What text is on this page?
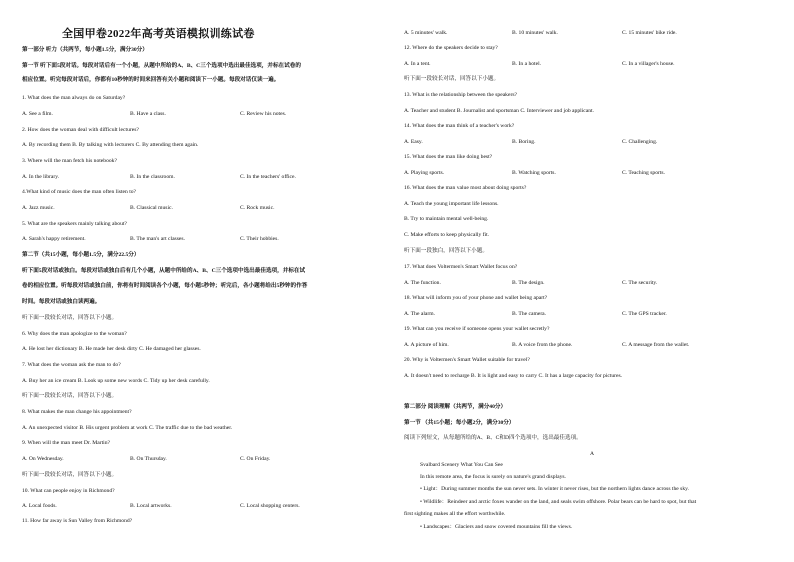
全国甲卷2022年高考英语模拟训练试卷
第一部分 听力（共两节，每小题1.5分，满分30分）
第一节 听下面5段对话。每段对话后有一个小题，从题中所给的A、B、C三个选项中选出最佳选项，并标在试卷的
相应位置。听完每段对话后，你都有10秒钟的时间来回答有关小题和阅读下一小题。每段对话仅读一遍。
1. What does the man always do on Saturday?
A. See a film.	B. Have a class.	C. Review his notes.
2. How does the woman deal with difficult lectures?
A. By recording them B. By talking with lecturers C. By attending them again.
3. Where will the man fetch his notebook?
A. In the library.	B. In the classroom.	C. In the teachers' office.
4.What kind of music does the man often listen to?
A. Jazz music.	B. Classical music.	C. Rock music.
5. What are the speakers mainly talking about?
A. Sarah's happy retirement.	B. The man's art classes.	C. Their hobbies.
第二节（共15小题，每小题1.5分，满分22.5分）
听下面5段对话或独白。每段对话或独白后有几个小题，从题中所给的A、B、C三个选项中选出最佳选项，并标在试
卷的相应位置。听每段对话或独白前，你将有时间阅读各个小题，每小题5秒钟；听完后，各小题将给出5秒钟的作答
时间。每段对话或独白读两遍。
听下面一段较长对话，回答以下小题。
6. Why does the man apologize to the woman?
A. He lost her dictionary B. He made her desk dirty C. He damaged her glasses.
7. What does the woman ask the man to do?
A. Buy her an ice cream B. Look up some new words C. Tidy up her desk carefully.
听下面一段较长对话，回答以下小题。
8. What makes the man change his appointment?
A. An unexpected visitor B. His urgent problem at work C. The traffic due to the bad weather.
9. When will the man meet Dr. Martin?
A. On Wednesday.	B. On Thursday.	C. On Friday.
听下面一段较长对话，回答以下小题。
10. What can people enjoy in Richmond?
A. Local foods.	B. Local artworks.	C. Local shopping centers.
11. How far away is Sun Valley from Richmond?
A. 5 minutes' walk.	B. 10 minutes' walk.	C. 15 minutes' bike ride.
12. Where do the speakers decide to stay?
A. In a tent.	B. In a hotel.	C. In a villager's house.
听下面一段较长对话，回答以下小题。
13. What is the relationship between the speakers?
A. Teacher and student B. Journalist and sportsman C. Interviewer and job applicant.
14. What does the man think of a teacher's work?
A. Easy.	B. Boring.	C. Challenging.
15. What does the man like doing best?
A. Playing sports.	B. Watching sports.	C. Teaching sports.
16. What does the man value most about doing sports?
A. Teach the young important life lessons.
B. Try to maintain mental well-being.
C. Make efforts to keep physically fit.
听下面一段独白，回答以下小题。
17. What does Voltermen's Smart Wallet focus on?
A. The function.	B. The design.	C. The security.
18. What will inform you of your phone and wallet being apart?
A. The alarm.	B. The camera.	C. The GPS tracker.
19. What can you receive if someone opens your wallet secretly?
A. A picture of him.	B. A voice from the phone.	C. A message from the wallet.
20. Why is Voltermen's Smart Wallet suitable for travel?
A. It doesn't need to recharge B. It is light and easy to carry C. It has a large capacity for pictures.
第二部分 阅读理解（共两节，满分40分）
第一节 （共15小题；每小题2分，满分30分）
阅读下列短文，从每题所给的A、B、C和D四个选项中，选出最佳选项。
A
Svalbard Scenery What You Can See
In this remote area, the focus is surely on nature's grand displays.
• Light：During summer months the sun never sets. In winter it never rises, but the northern lights dance across the sky.
• Wildlife：Reindeer and arctic foxes wander on the land, and seals swim offshore. Polar bears can be hard to spot, but that
first sighting makes all the effort worthwhile.
• Landscapes：Glaciers and snow covered mountains fill the views.
